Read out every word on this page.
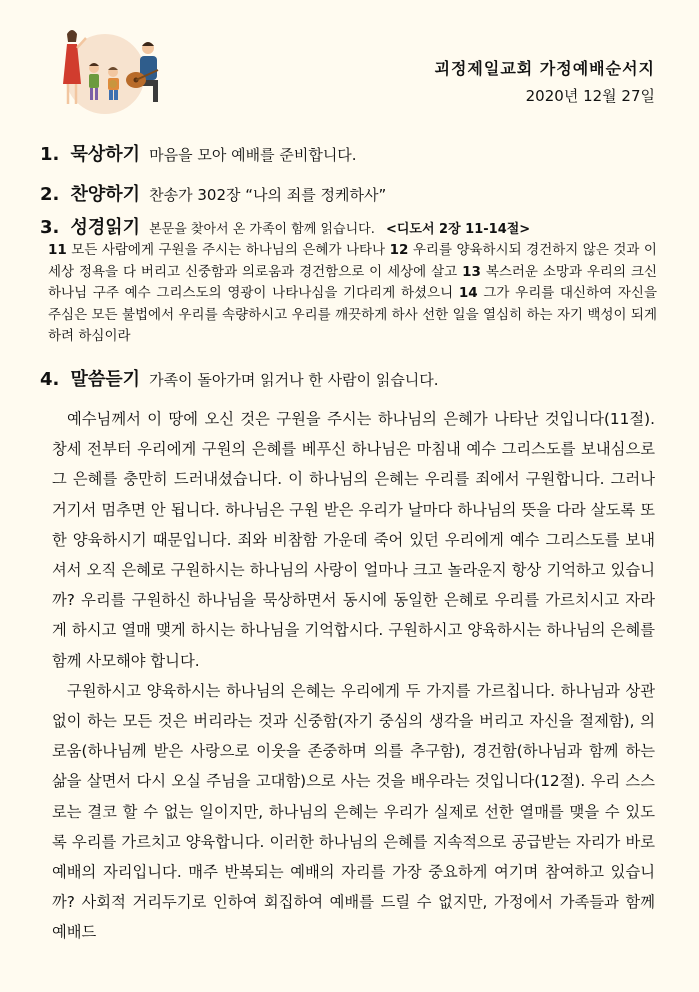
괴정제일교회 가정예배순서지
2020년 12월 27일
1. 묵상하기 마음을 모아 예배를 준비합니다.
2. 찬양하기 찬송가 302장 “나의 죄를 정케하사”
3. 성경읽기 본문을 찾아서 온 가족이 함께 읽습니다. <디도서 2장 11-14절>
11 모든 사람에게 구원을 주시는 하나님의 은혜가 나타나 12 우리를 양육하시되 경건하지 않은 것과 이 세상 정욕을 다 버리고 신중함과 의로움과 경건함으로 이 세상에 살고 13 복스러운 소망과 우리의 크신 하나님 구주 예수 그리스도의 영광이 나타나심을 기다리게 하셨으니 14 그가 우리를 대신하여 자신을 주심은 모든 불법에서 우리를 속량하시고 우리를 깨끗하게 하사 선한 일을 열심히 하는 자기 백성이 되게 하려 하심이라
4. 말씀듣기 가족이 돌아가며 읽거나 한 사람이 읽습니다.

예수님께서 이 땅에 오신 것은 구원을 주시는 하나님의 은혜가 나타난 것입니다(11절). 창세 전부터 우리에게 구원의 은혜를 베푸신 하나님은 마침내 예수 그리스도를 보내심으로 그 은혜를 충만히 드러내셨습니다. 이 하나님의 은혜는 우리를 죄에서 구원합니다. 그러나 거기서 멈추면 안 됩니다. 하나님은 구원 받은 우리가 날마다 하나님의 뜻을 다라 살도록 또한 양육하시기 때문입니다. 죄와 비참함 가운데 죽어 있던 우리에게 예수 그리스도를 보내셔서 오직 은혜로 구원하시는 하나님의 사랑이 얼마나 크고 놀라운지 항상 기억하고 있습니까? 우리를 구원하신 하나님을 묵상하면서 동시에 동일한 은혜로 우리를 가르치시고 자라게 하시고 열매 맺게 하시는 하나님을 기억합시다. 구원하시고 양육하시는 하나님의 은혜를 함께 사모해야 합니다.

구원하시고 양육하시는 하나님의 은혜는 우리에게 두 가지를 가르칩니다. 하나님과 상관 없이 하는 모든 것은 버리라는 것과 신중함(자기 중심의 생각을 버리고 자신을 절제함), 의로움(하나님께 받은 사랑으로 이웃을 존중하며 의를 추구함), 경건함(하나님과 함께 하는 삶을 살면서 다시 오실 주님을 고대함)으로 사는 것을 배우라는 것입니다(12절). 우리 스스로는 결코 할 수 없는 일이지만, 하나님의 은혜는 우리가 실제로 선한 열매를 맺을 수 있도록 우리를 가르치고 양육합니다. 이러한 하나님의 은혜를 지속적으로 공급받는 자리가 바로 예배의 자리입니다. 매주 반복되는 예배의 자리를 가장 중요하게 여기며 참여하고 있습니까? 사회적 거리두기로 인하여 회집하여 예배를 드릴 수 없지만, 가정에서 가족들과 함께 예배드
